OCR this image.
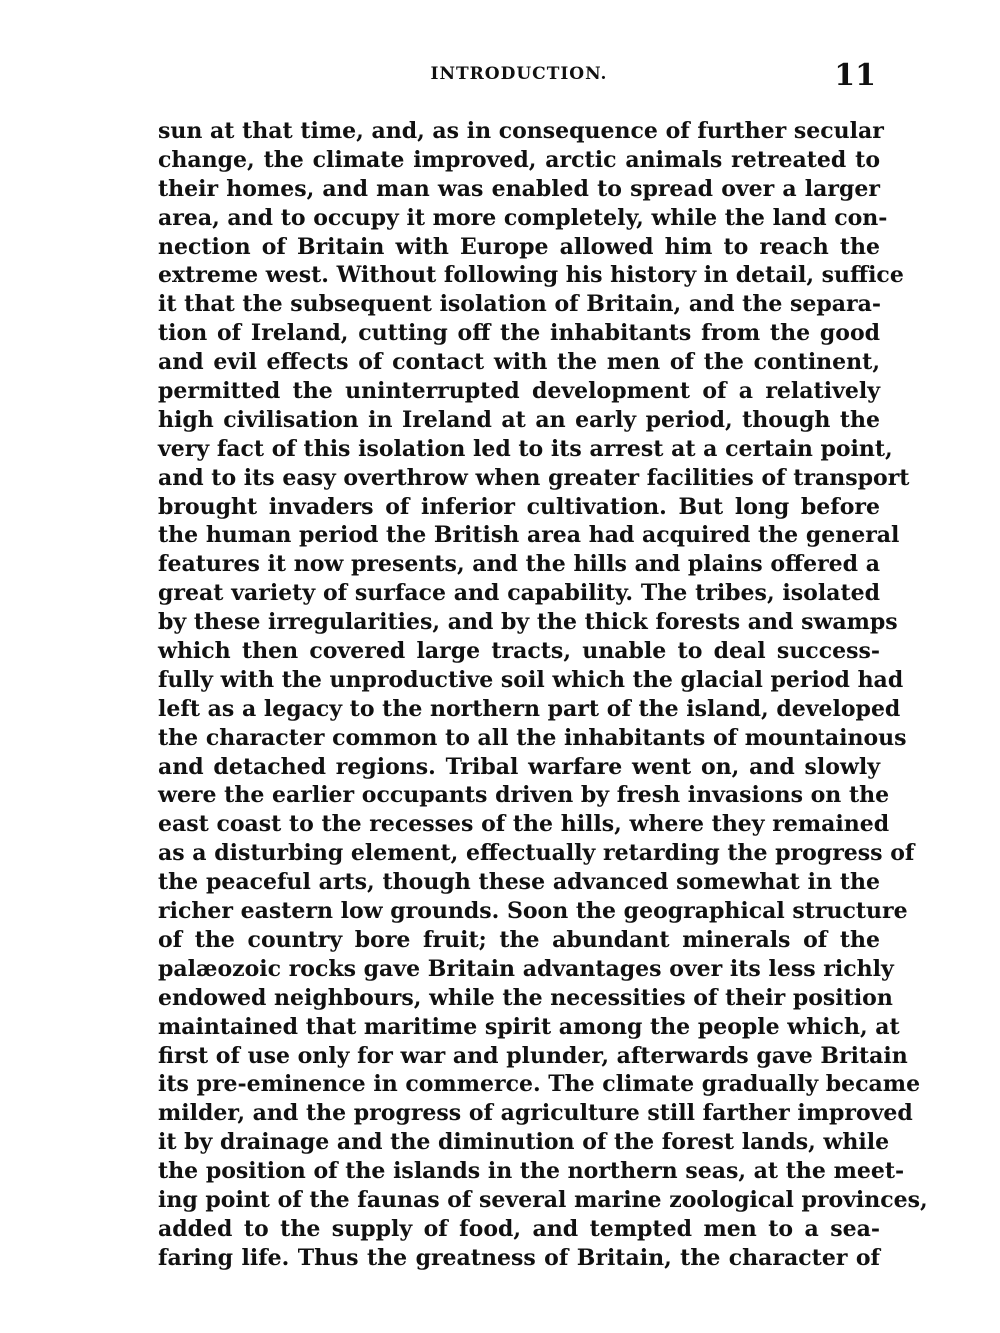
INTRODUCTION.	11
sun at that time, and, as in consequence of further secular
change, the climate improved, arctic animals retreated to
their homes, and man was enabled to spread over a larger
area, and to occupy it more completely, while the land con-
nection of Britain with Europe allowed him to reach the
extreme west. Without following his history in detail, suffice
it that the subsequent isolation of Britain, and the separa-
tion of Ireland, cutting off the inhabitants from the good
and evil effects of contact with the men of the continent,
permitted the uninterrupted development of a relatively
high civilisation in Ireland at an early period, though the
very fact of this isolation led to its arrest at a certain point,
and to its easy overthrow when greater facilities of transport
brought invaders of inferior cultivation. But long before
the human period the British area had acquired the general
features it now presents, and the hills and plains offered a
great variety of surface and capability. The tribes, isolated
by these irregularities, and by the thick forests and swamps
which then covered large tracts, unable to deal success-
fully with the unproductive soil which the glacial period had
left as a legacy to the northern part of the island, developed
the character common to all the inhabitants of mountainous
and detached regions. Tribal warfare went on, and slowly
were the earlier occupants driven by fresh invasions on the
east coast to the recesses of the hills, where they remained
as a disturbing element, effectually retarding the progress of
the peaceful arts, though these advanced somewhat in the
richer eastern low grounds. Soon the geographical structure
of the country bore fruit; the abundant minerals of the
palæozoic rocks gave Britain advantages over its less richly
endowed neighbours, while the necessities of their position
maintained that maritime spirit among the people which, at
first of use only for war and plunder, afterwards gave Britain
its pre-eminence in commerce. The climate gradually became
milder, and the progress of agriculture still farther improved
it by drainage and the diminution of the forest lands, while
the position of the islands in the northern seas, at the meet-
ing point of the faunas of several marine zoological provinces,
added to the supply of food, and tempted men to a sea-
faring life. Thus the greatness of Britain, the character of
